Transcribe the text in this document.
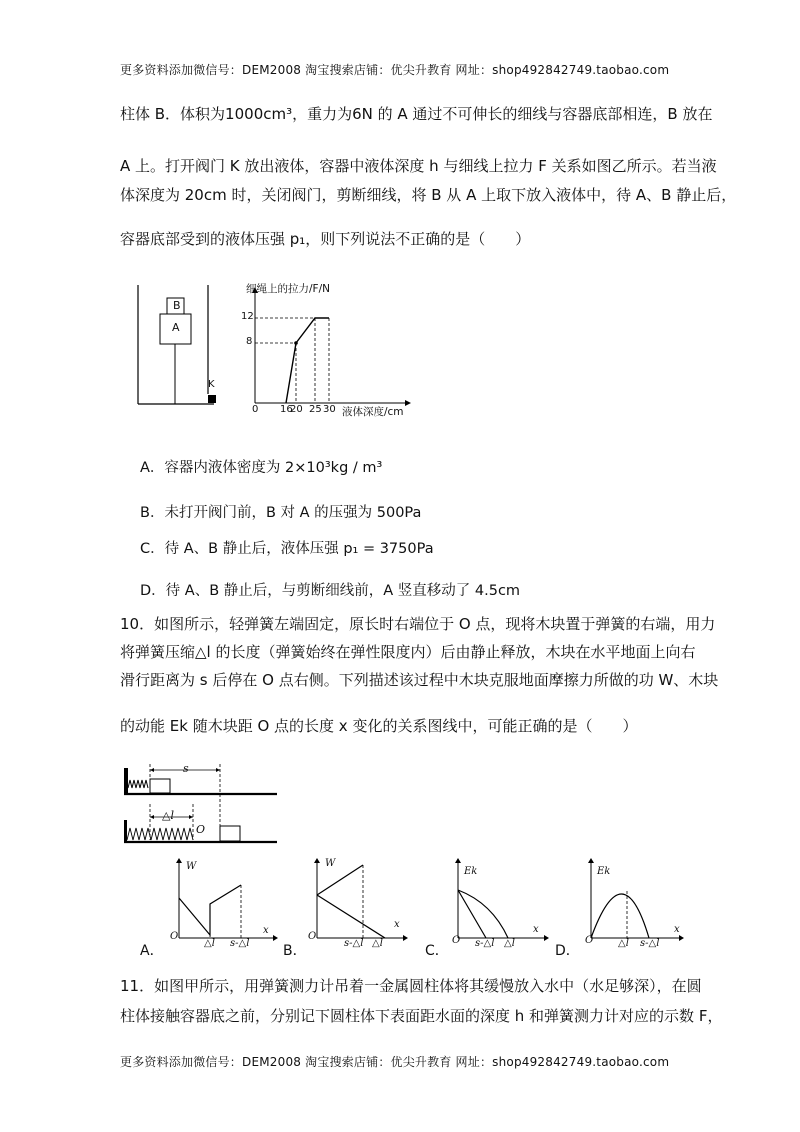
更多资料添加微信号：DEM2008 淘宝搜索店铺：优尖升教育 网址：shop492842749.taobao.com
柱体 B．体积为1000cm³，重力为6N 的 A 通过不可伸长的细线与容器底部相连，B 放在
A 上。打开阀门 K 放出液体，容器中液体深度 h 与细线上拉力 F 关系如图乙所示。若当液
体深度为 20cm 时，关闭阀门，剪断细线，将 B 从 A 上取下放入液体中，待 A、B 静止后，
容器底部受到的液体压强 p₁，则下列说法不正确的是（　　）
B
A
K
细绳上的拉力/F/N
12
8
0 16
20 25 30 液体深度/cm
A．容器内液体密度为 2×10³kg / m³
B．未打开阀门前，B 对 A 的压强为 500Pa
C．待 A、B 静止后，液体压强 p₁ = 3750Pa
D．待 A、B 静止后，与剪断细线前，A 竖直移动了 4.5cm
10．如图所示，轻弹簧左端固定，原长时右端位于 O 点，现将木块置于弹簧的右端，用力
将弹簧压缩△l 的长度（弹簧始终在弹性限度内）后由静止释放，木块在水平地面上向右
滑行距离为 s 后停在 O 点右侧。下列描述该过程中木块克服地面摩擦力所做的功 W、木块
的动能 Ek 随木块距 O 点的长度 x 变化的关系图线中，可能正确的是（　　）
s
△l
O
A．
W
O
x
△l s-△l B．
W
O
x
s-△l △l	C．
Ek
O
x
s-△l △l	D．
Ek
O
x
△l s-△l
11．如图甲所示，用弹簧测力计吊着一金属圆柱体将其缓慢放入水中（水足够深），在圆
柱体接触容器底之前，分别记下圆柱体下表面距水面的深度 h 和弹簧测力计对应的示数 F，
更多资料添加微信号：DEM2008 淘宝搜索店铺：优尖升教育 网址：shop492842749.taobao.com
